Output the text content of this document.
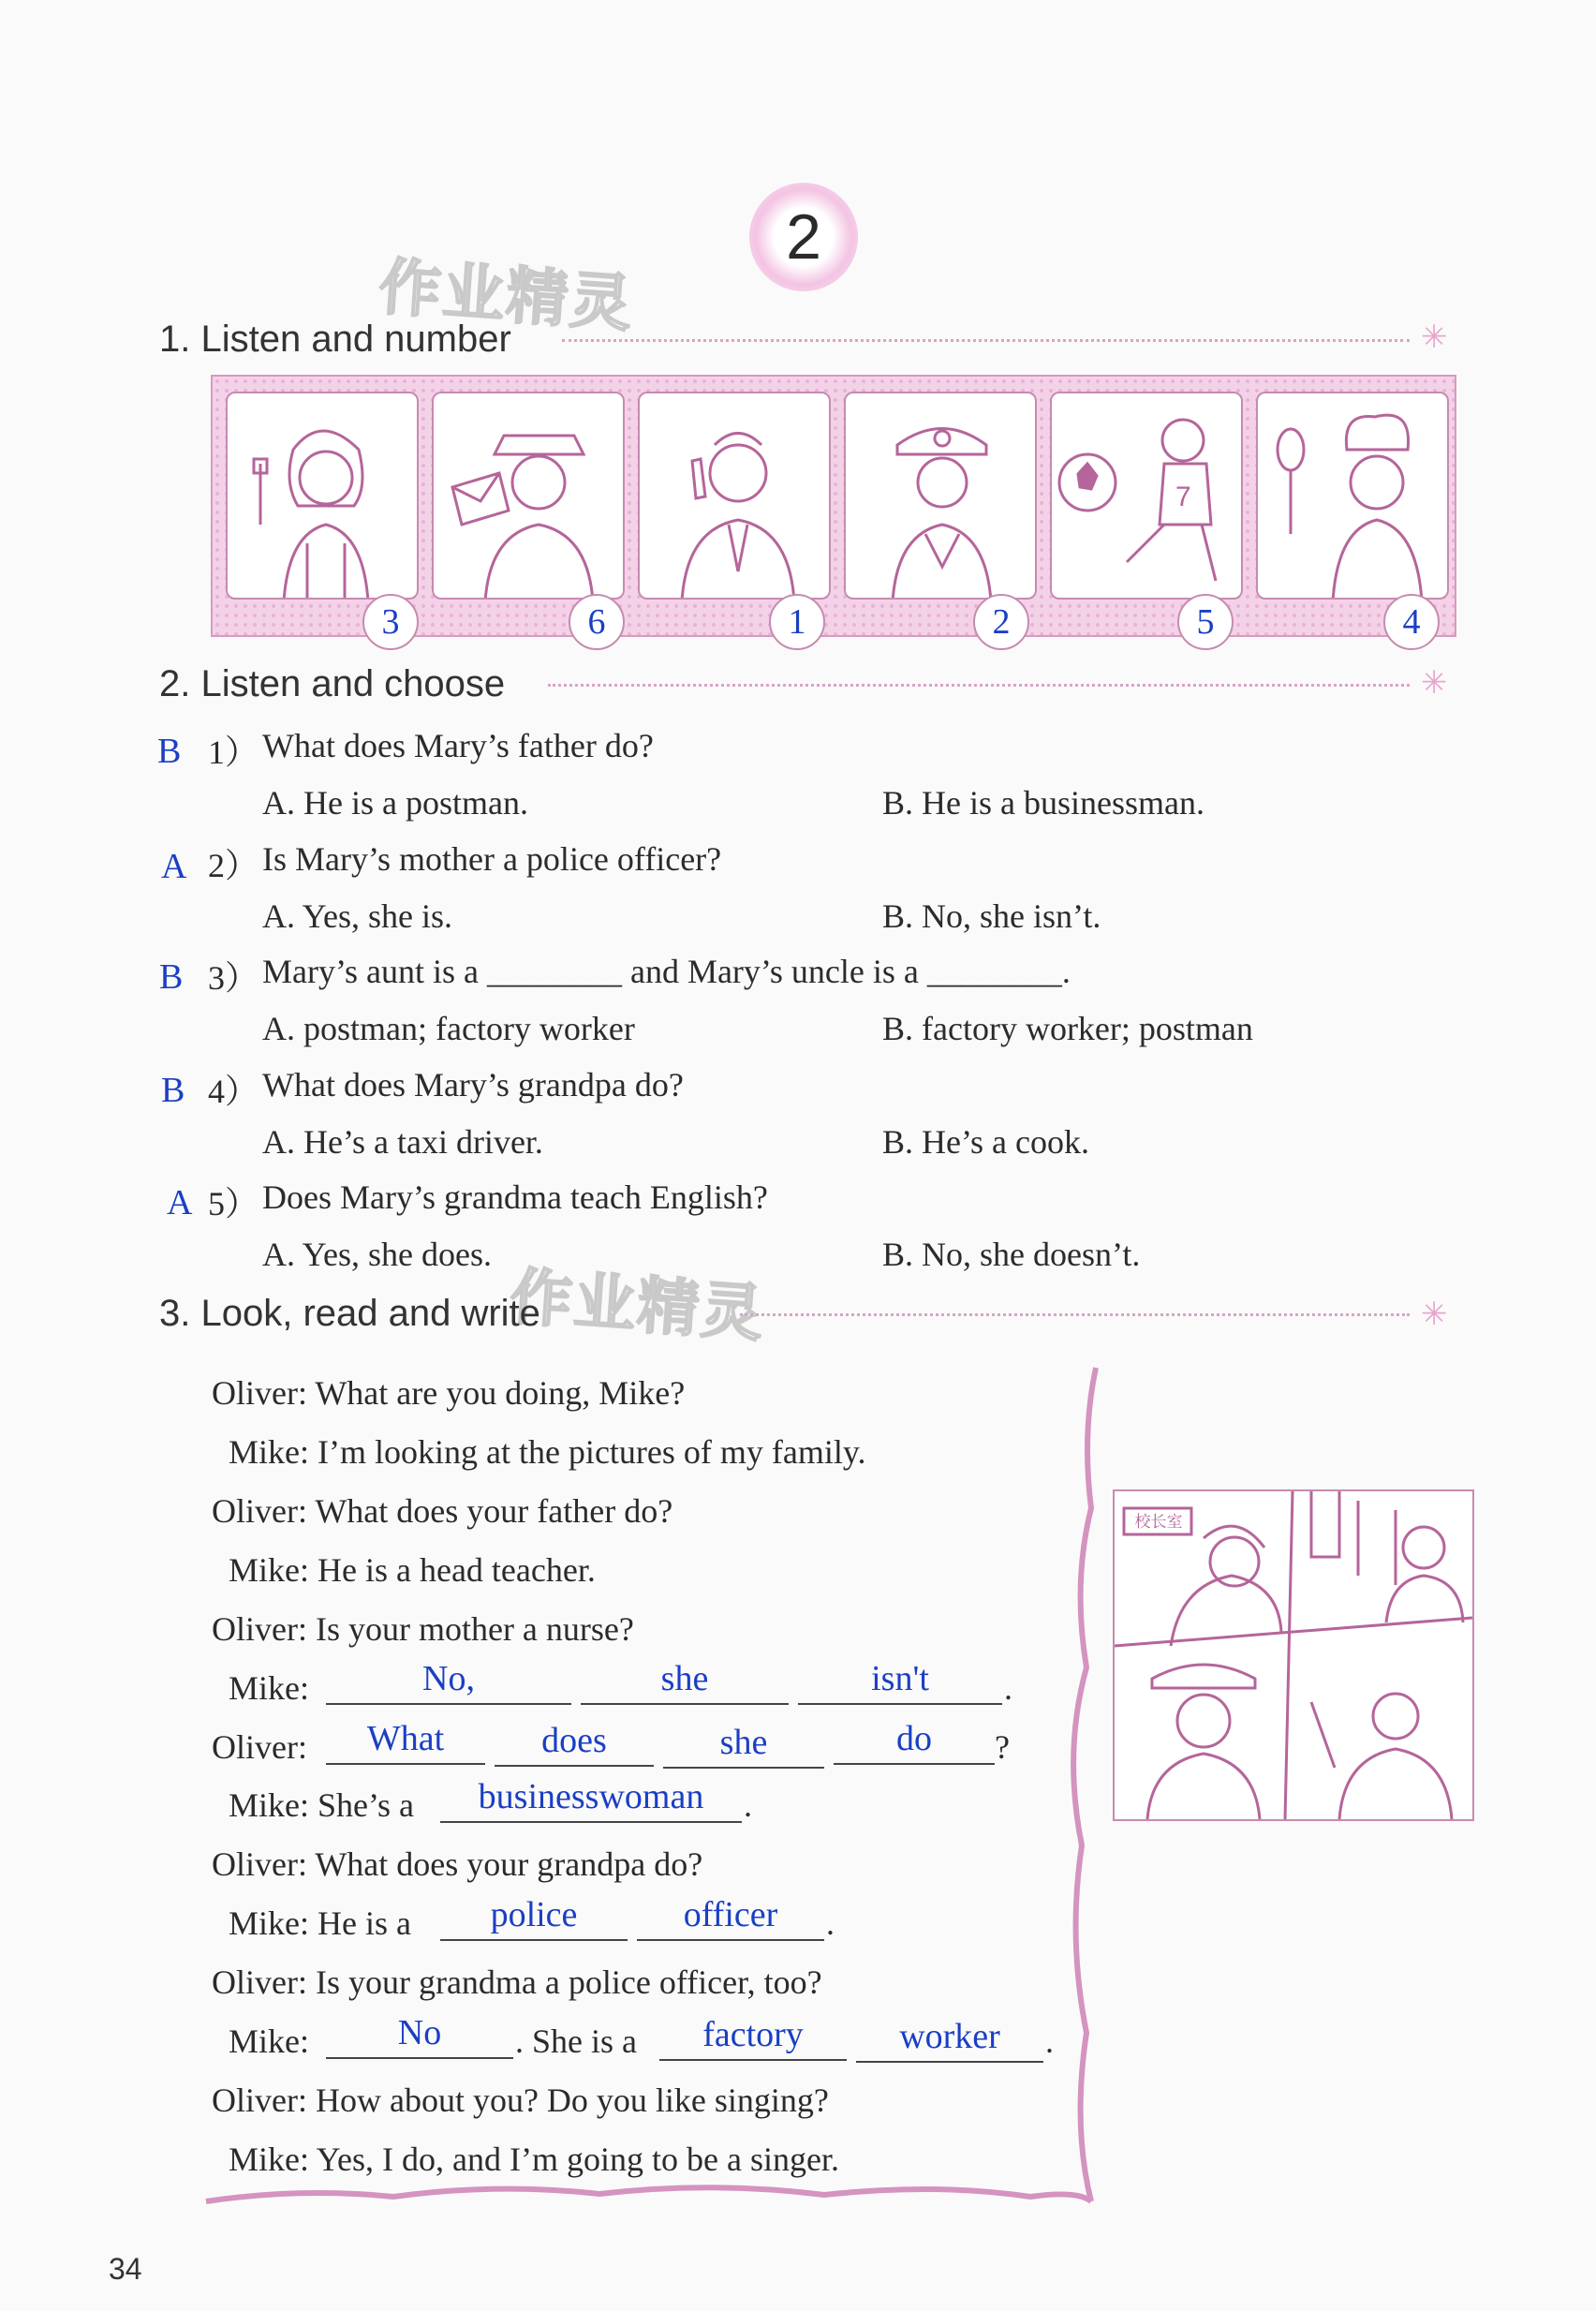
2
作业精灵
作业精灵
1. Listen and number	✳
7
3	6	1	2	5	4
2. Listen and choose	✳
B 1） What does Mary’s father do?
A. He is a postman.	B. He is a businessman.
A 2） Is Mary’s mother a police officer?
A. Yes, she is.	B. No, she isn’t.
B 3） Mary’s aunt is a ________ and Mary’s uncle is a ________.
A. postman; factory worker	B. factory worker; postman
B 4） What does Mary’s grandpa do?
A. He’s a taxi driver.	B. He’s a cook.
A 5） Does Mary’s grandma teach English?
A. Yes, she does.	B. No, she doesn’t.
3. Look, read and write	✳
校长室
Oliver: What are you doing, Mike?
Mike: I’m looking at the pictures of my family.
Oliver: What does your father do?
Mike: He is a head teacher.
Oliver: Is your mother a nurse?
Mike:	No,	she	isn't	.
Oliver:	What	does	she	do	?
Mike: She’s a	businesswoman	.
Oliver: What does your grandpa do?
Mike: He is a	police	officer	.
Oliver: Is your grandma a police officer, too?
Mike:	No	. She is a	factory	worker	.
Oliver: How about you? Do you like singing?
Mike: Yes, I do, and I’m going to be a singer.
34
